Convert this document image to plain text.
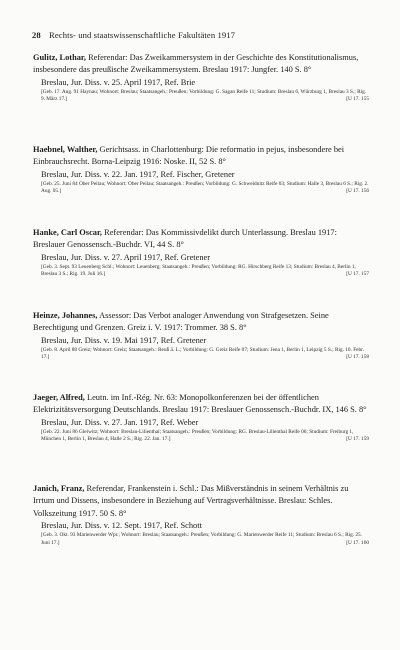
28 Rechts- und staatswissenschaftliche Fakultäten 1917
Gulitz, Lothar, Referendar: Das Zweikammersystem in der Geschichte des Konstitutionalismus, insbesondere das preußische Zweikammersystem. Breslau 1917: Jungfer. 140 S. 8°
Breslau, Jur. Diss. v. 25. April 1917, Ref. Brie
[Geb. 17. Aug. 91 Haynau; Wohnort: Breslau; Staatsangeh.: Preußen; Vorbildung: G. Sagan Reife 11; Studium: Breslau 6, Würzburg 1, Breslau 3 S.; Rig. 9. März 17.]	[U 17. 155
Haebnel, Walther, Gerichtsass. in Charlottenburg: Die reformatio in pejus, insbesondere bei Einbrauchsrecht. Borna-Leipzig 1916: Noske. II, 52 S. 8°
Breslau, Jur. Diss. v. 22. Jan. 1917, Ref. Fischer, Gretener
[Geb. 25. Juni 84 Ober Peilau; Wohnort: Ober Peilau; Staatsangeh.: Preußen; Vorbildung: G. Schweidnitz Reife 03; Studium: Halle 3, Breslau 6 S.; Rig. 2. Aug. 05.]	[U 17. 156
Hanke, Carl Oscar, Referendar: Das Kommissivdelikt durch Unterlassung. Breslau 1917: Breslauer Genossensch.-Buchdr. VI, 44 S. 8°
Breslau, Jur. Diss. v. 27. April 1917, Ref. Gretener
[Geb. 3. Sept. 93 Leuenberg Schl.; Wohnort: Leuenberg; Staatsangeh.: Preußen; Vorbildung: RG. Hirschberg Reife 13; Studium: Breslau 4, Berlin 1, Breslau 3 S.; Rig. 19. Juli 16.]	[U 17. 157
Heinze, Johannes, Assessor: Das Verbot analoger Anwendung von Strafgesetzen. Seine Berechtigung und Grenzen. Greiz i. V. 1917: Trommer. 38 S. 8°
Breslau, Jur. Diss. v. 19. Mai 1917, Ref. Gretener
[Geb. 8. April 88 Greiz; Wohnort: Greiz; Staatsangeh.: Reuß ä. L.; Vorbildung: G. Greiz Reife 07; Studium: Jena 1, Berlin 1, Leipzig 5 S.; Rig. 10. Febr. 17.]	[U 17. 158
Jaeger, Alfred, Leutn. im Inf.-Rég. Nr. 63: Monopolkonferenzen bei der öffentlichen Elektrizitätsversorgung Deutschlands. Breslau 1917: Breslauer Genossensch.-Buchdr. IX, 146 S. 8°
Breslau, Jur. Diss. v. 27. Jan. 1917, Ref. Weber
[Geb. 22. Juni 86 Gleiwitz; Wohnort: Breslau-Lilienthal; Staatsangeh.: Preußen; Vorbildung: RG. Breslau-Lilienthal Reife 06; Studium: Freiburg 1, München 1, Berlin 1, Breslau 4, Halle 2 S.; Rig. 22. Jan. 17.]	[U 17. 159
Janich, Franz, Referendar, Frankenstein i. Schl.: Das Mißverständnis in seinem Verhältnis zu Irrtum und Dissens, insbesondere in Beziehung auf Vertragsverhältnisse. Breslau: Schles. Volkszeitung 1917. 50 S. 8°
Breslau, Jur. Diss. v. 12. Sept. 1917, Ref. Schott
[Geb. 3. Okt. 93 Marienwerder Wpr.; Wohnort: Breslau; Staatsangeh.: Preußen; Vorbildung: G. Marienwerder Reife 11; Studium: Breslau 6 S.; Rig. 25. Juni 17.]	[U 17. 160
